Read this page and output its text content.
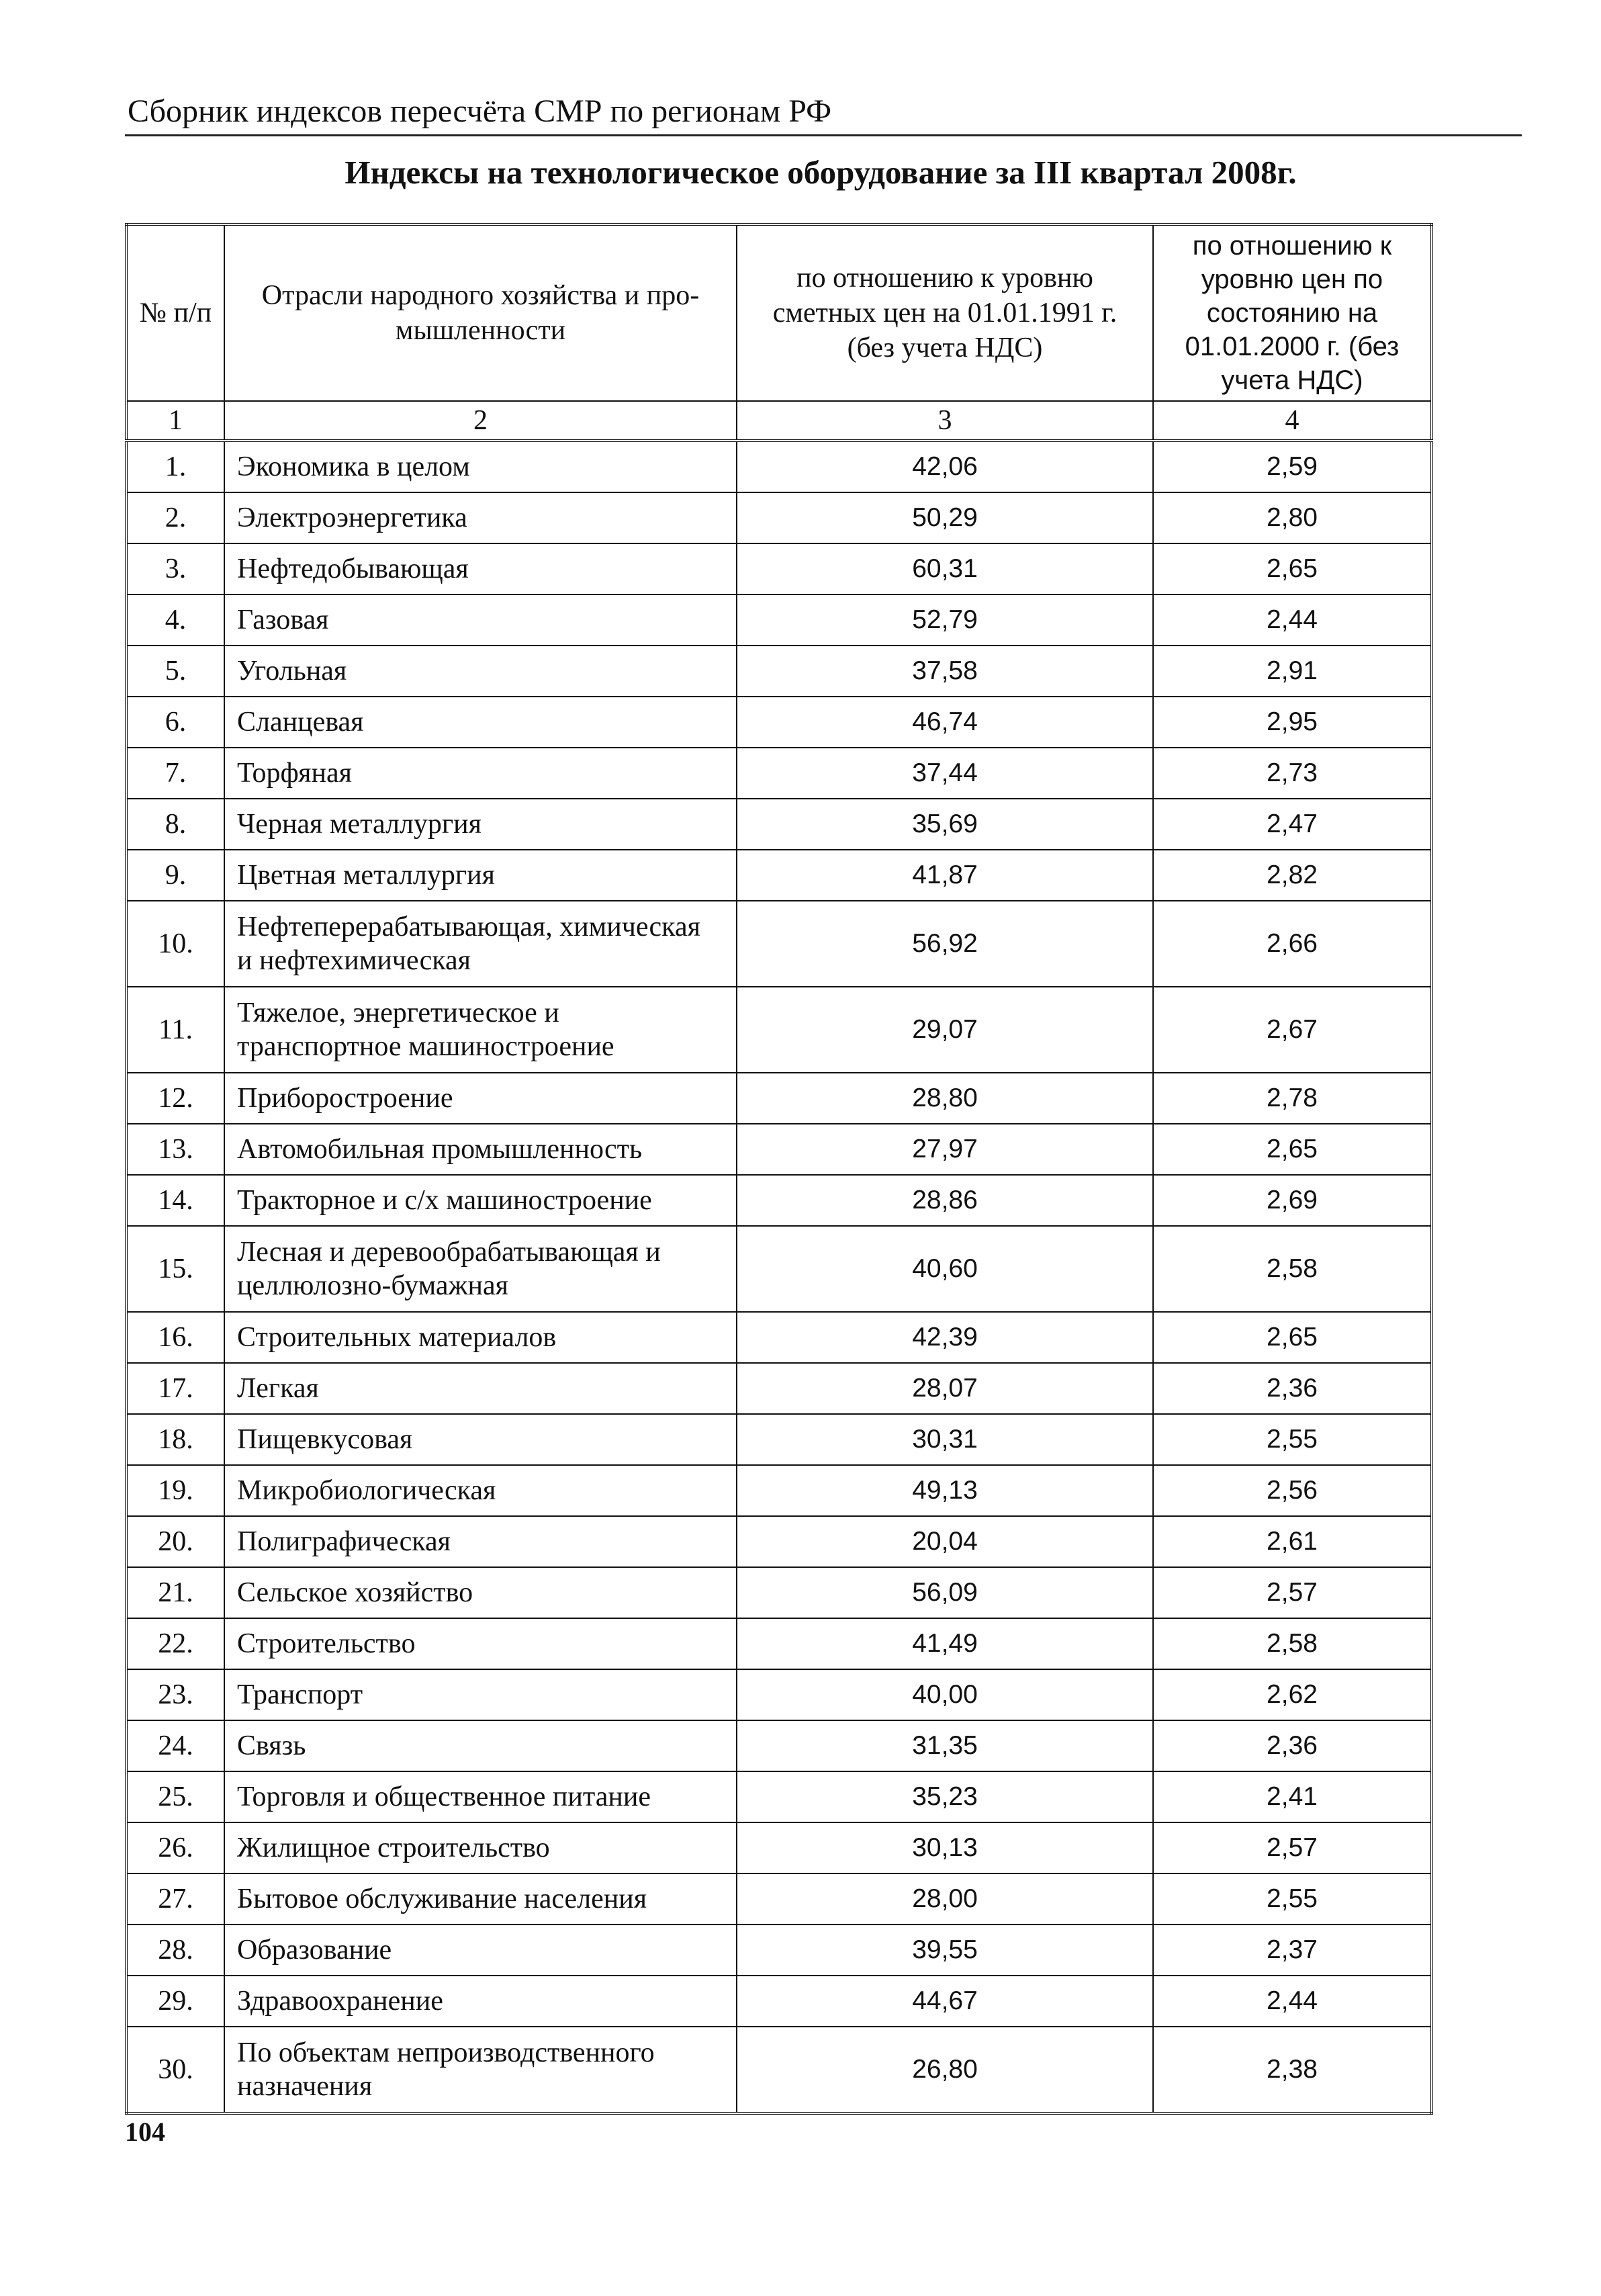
Сборник индексов пересчёта СМР по регионам РФ
Индексы на технологическое оборудование за III квартал 2008г.
№ п/п	Отрасли народного хозяйства и про-мышленности	по отношению к уровню сметных цен на 01.01.1991 г. (без учета НДС)	по отношению к уровню цен по состоянию на 01.01.2000 г. (без учета НДС)
1	2	3	4
1.	Экономика в целом	42,06	2,59
2.	Электроэнергетика	50,29	2,80
3.	Нефтедобывающая	60,31	2,65
4.	Газовая	52,79	2,44
5.	Угольная	37,58	2,91
6.	Сланцевая	46,74	2,95
7.	Торфяная	37,44	2,73
8.	Черная металлургия	35,69	2,47
9.	Цветная металлургия	41,87	2,82
10.	Нефтеперерабатывающая, химическая и нефтехимическая	56,92	2,66
11.	Тяжелое, энергетическое и транспортное машиностроение	29,07	2,67
12.	Приборостроение	28,80	2,78
13.	Автомобильная промышленность	27,97	2,65
14.	Тракторное и с/х машиностроение	28,86	2,69
15.	Лесная и деревообрабатывающая и целлюлозно-бумажная	40,60	2,58
16.	Строительных материалов	42,39	2,65
17.	Легкая	28,07	2,36
18.	Пищевкусовая	30,31	2,55
19.	Микробиологическая	49,13	2,56
20.	Полиграфическая	20,04	2,61
21.	Сельское хозяйство	56,09	2,57
22.	Строительство	41,49	2,58
23.	Транспорт	40,00	2,62
24.	Связь	31,35	2,36
25.	Торговля и общественное питание	35,23	2,41
26.	Жилищное строительство	30,13	2,57
27.	Бытовое обслуживание населения	28,00	2,55
28.	Образование	39,55	2,37
29.	Здравоохранение	44,67	2,44
30.	По объектам непроизводственного назначения	26,80	2,38
104
